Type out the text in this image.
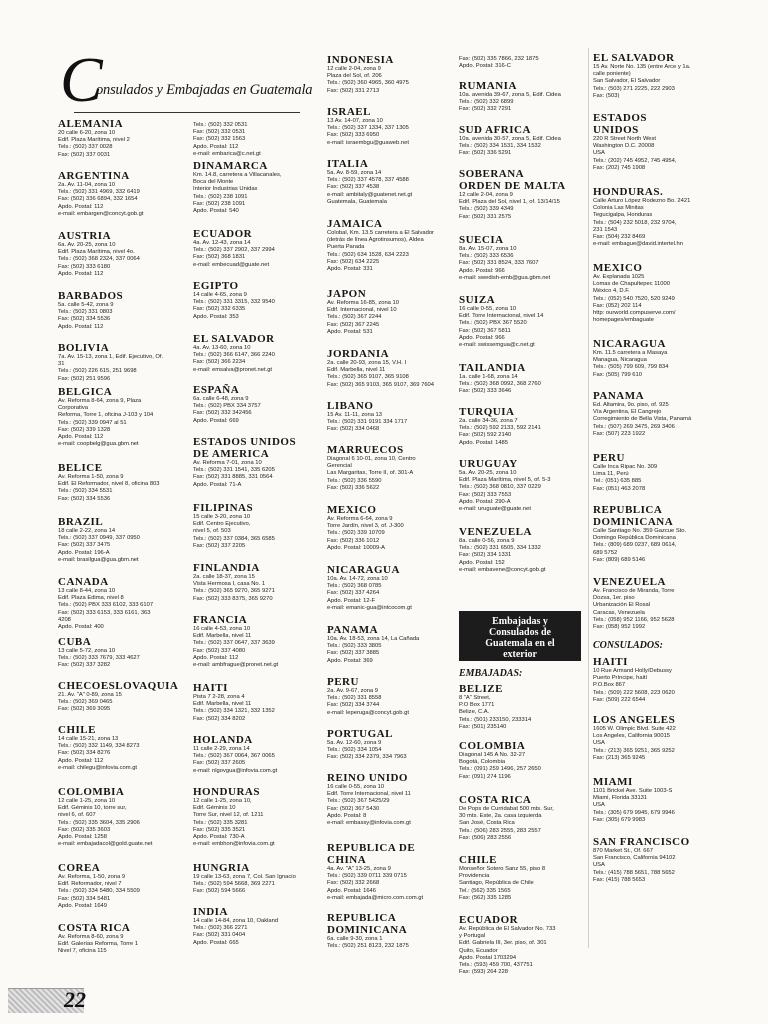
C
onsulados y Embajadas en Guatemala
ALEMANIA

20 calle 6-20, zona 10
Edif. Plaza Marítima, nivel 2
Tels.: (502) 337 0028
Fax: (502) 337 0031

ARGENTINA

2a. Av. 11-04, zona 10
Tels.: (502) 331 4969, 332 6419
Fax: (502) 336 6894, 332 1654
Apdo. Postal: 112
e-mail: embargen@concyt.gob.gt

AUSTRIA

6a. Av. 20-25, zona 10
Edif. Plaza Marítima, nivel 4o.
Tels.: (502) 368 2324, 337 0064
Fax: (502) 333 6180
Apdo. Postal: 112

BARBADOS

5a. calle 5-42, zona 9
Tels.: (502) 331 0803
Fax: (502) 334 5536
Apdo. Postal: 112

BOLIVIA

7a. Av. 15-13, zona 1, Edif. Ejecutivo, Of. 31
Tels.: (502) 226 615, 251 9698
Fax: (502) 251 9596

BELGICA

Av. Reforma 8-64, zona 9, Plaza
Corporativa
Reforma, Torre 1, oficina J-103 y 104
Tels.: (502) 339 0947 al 51
Fax: (502) 339 1328
Apdo. Postal: 112
e-mail: coopbelg@gua.gbm.net

BELICE

Av. Reforma 1-50, zona 9
Edif. El Reformador, nivel 8, oficina 803
Tels.: (502) 334 5531
Fax: (502) 334 5536

BRAZIL

18 calle 2-22, zona 14
Tels.: (502) 337 0949, 337 0950
Fax: (502) 337 3475
Apdo. Postal: 196-A
e-mail: brasilgua@gua.gbm.net

CANADA

13 calle 8-44, zona 10
Edif. Plaza Edima, nivel 8
Tels.: (502) PBX 333 6102, 333 6107
Fax: (502) 333 6153, 333 6161, 363 4208
Apdo. Postal: 400

CUBA

13 calle 5-72, zona 10
Tels.: (502) 333 7679, 333 4627
Fax: (502) 337 3282

CHECOESLOVAQUIA

21. Av. "A" 0-89, zona 15
Tels.: (502) 369 0465
Fax: (502) 369 3095

CHILE

14 calle 15-21, zona 13
Tels.: (502) 332 1149, 334 8273
Fax: (502) 334 8276
Apdo. Postal: 112
e-mail: chilegu@infovia.com.gt

COLOMBIA

12 calle 1-25, zona 10
Edif. Géminis 10, torre sur,
nivel 6, of. 607
Tels.: (502) 335 3604, 335 2906
Fax: (502) 335 3603
Apdo. Postal: 1258
e-mail: embajadacol@gold.guate.net

COREA

Av. Reforma, 1-50, zona 9
Edif. Reformador, nivel 7
Tels.: (502) 334 5480, 334 5509
Fax: (502) 334 5481
Apdo. Postal: 1649

COSTA RICA

Av. Reforma 8-60, zona 9
Edif. Galerías Reforma, Torre 1
Nivel 7, oficina 115

Tels.: (502) 332 0531
Fax: (502) 332 0531
Fax: (502) 332 1563
Apdo. Postal: 112
e-mail: embarica@c.net.gt

DINAMARCA

Km. 14.8, carretera a Villacanales,
Boca del Monte
Interior Industrias Unidas
Tels.: (502) 238 1091
Fax: (502) 238 1091
Apdo. Postal: 540

ECUADOR

4a. Av. 12-43, zona 14
Tels.: (502) 337 2902, 337 2994
Fax: (502) 368 1831
e-mail: embecuad@guate.net

EGIPTO

14 calle 4-65, zona 9
Tels.: (502) 331 3315, 332 9540
Fax: (502) 332 6335
Apdo. Postal: 353

EL SALVADOR

4a. Av. 13-60, zona 10
Tels.: (502) 366 6147, 366 2240
Fax: (502) 366 2234
e-mail: emsalva@pronet.net.gt

ESPAÑA

6a. calle 6-48, zona 9
Tels.: (502) PBX 334 3757
Fax: (502) 332 342456
Apdo. Postal: 669

ESTADOS UNIDOS
DE AMERICA

Av. Reforma 7-01, zona 10
Tels.: (502) 331 1541, 335 6205
Fax: (502) 331 8885, 331 0564
Apdo. Postal: 71-A

FILIPINAS

15 calle 3-20, zona 10
Edif. Centro Ejecutivo,
nivel 5, of. 503
Tels.: (502) 337 0384, 365 6585
Fax: (502) 337 2205

FINLANDIA

2a. calle 18-37, zona 15
Vista Hermosa I, casa No. 1
Tels.: (502) 365 9270, 365 9271
Fax: (502) 333 8375, 365 9270

FRANCIA

16 calle 4-53, zona 10
Edif. Marbella, nivel 11
Tels.: (502) 337 0647, 337 3639
Fax: (502) 337 4080
Apdo. Postal: 112
e-mail: ambfrague@pronet.net.gt

HAITI

Pista 7 2-28, zona 4
Edif. Marbella, nivel 11
Tels.: (502) 334 1321, 332 1352
Fax: (502) 334 8202

HOLANDA

11 calle 2-29, zona 14
Tels.: (502) 367 0064, 367 0065
Fax: (502) 337 2605
e-mail: nlgovgua@infovia.com.gt

HONDURAS

12 calle 1-25, zona 10,
Edif. Géminis 10
Torre Sur, nivel 12, of. 1211
Tels.: (502) 335 3281
Fax: (502) 335 3521
Apdo. Postal: 730-A
e-mail: embhon@infovia.com.gt

HUNGRIA

19 calle 13-63, zona 7, Col. San Ignacio
Tels.: (502) 594 5668, 369 2271
Fax: (502) 594 5666

INDIA

14 calle 14-84, zona 10, Oakland
Tels.: (502) 366 2271
Fax: (502) 331 0404
Apdo. Postal: 665

INDONESIA

12 calle 2-04, zona 9
Plaza del Sol, of. 206
Tels.: (502) 360 4965, 360 4975
Fax: (502) 331 2713

ISRAEL

13 Av. 14-07, zona 10
Tels.: (502) 337 1334, 337 1305
Fax: (502) 333 6950
e-mail: israembgu@guaweb.net

ITALIA

5a. Av. 8-59, zona 14
Tels.: (502) 337 4578, 337 4588
Fax: (502) 337 4538
e-mail: ambitaly@guatenet.net.gt
Guatemala, Guatemala

JAMAICA

Colobal, Km. 13.5 carretera a El Salvador
(detrás de línea Agrotinsumos), Aldea
Puerta Parada
Tels.: (502) 634 1528, 634 2223
Fax: (502) 634 2225
Apdo. Postal: 331

JAPON

Av. Reforma 16-85, zona 10
Edif. Internacional, nivel 10
Tels.: (502) 367 2244
Fax: (502) 367 2245
Apdo. Postal: 531

JORDANIA

2a. calle 20-93, zona 15, V.H. I
Edif. Marbella, nivel 11
Tels.: (502) 365 9107, 365 9108
Fax: (502) 365 9103, 365 9107, 369 7604

LIBANO

15 Av. 11-11, zona 13
Tels.: (502) 331 9191 334 1717
Fax: (502) 334 0468

MARRUECOS

Diagonal 6 10-01, zona 10, Centro
Gerencial
Las Margaritas, Torre II, of. 301-A
Tels.: (502) 336 5590
Fax: (502) 336 5622

MEXICO

Av. Reforma 6-64, zona 9
Torre Jardín, nivel 3, of. J-300
Tels.: (502) 339 10709
Fax: (502) 336 1012
Apdo. Postal: 10009-A

NICARAGUA

10a. Av. 14-72, zona 10
Tels.: (502) 368 0785
Fax: (502) 337 4264
Apdo. Postal: 12-F
e-mail: emanic-gua@intcocom.gt

PANAMA

10a. Av. 18-53, zona 14, La Cañada
Tels.: (502) 333 3805
Fax: (502) 337 3885
Apdo. Postal: 369

PERU

2a. Av. 9-67, zona 9
Tels.: (502) 331 8558
Fax: (502) 334 3744
e-mail: leperuga@concyt.gob.gt

PORTUGAL

5a. Av. 12-60, zona 9
Tels.: (502) 334 1054
Fax: (502) 334 2379, 334 7963

REINO UNIDO

16 calle 0-55, zona 10
Edif. Torre Internacional, nivel 11
Tels.: (502) 367 5425/29
Fax: (502) 367 5430
Apdo. Postal: 8
e-mail: embassy@infovia.com.gt

REPUBLICA DE
CHINA

4a. Av. "A" 13-25, zona 9
Tels.: (502) 339 0711 339 0715
Fax: (502) 332 2668
Apdo. Postal: 1646
e-mail: embajada@micro.com.com.gt

REPUBLICA
DOMINICANA

6a. calle 9-30, zona 1
Tels.: (502) 251 8123, 232 1875

Fax: (502) 335 7866, 232 1875
Apdo. Postal: 316-C

RUMANIA

10a. avenida 39-67, zona 5, Edif. Cidea
Tels.: (502) 332 6899
Fax: (502) 332 7291

SUD AFRICA

10a. avenida 30-57, zona 5, Edif. Cidea
Tels.: (502) 334 1531, 334 1532
Fax: (502) 336 5291

SOBERANA
ORDEN DE MALTA

12 calle 2-04, zona 9
Edif. Plaza del Sol, nivel 1, of. 13/14/15
Tels.: (502) 339 4349
Fax: (502) 331 2575

SUECIA

8a. Av. 15-07, zona 10
Tels.: (502) 333 6536
Fax: (502) 331 8524, 333 7607
Apdo. Postal: 966
e-mail: swedish-emb@gua.gbm.net

SUIZA

16 calle 0-55, zona 10
Edif. Torre Internacional, nivel 14
Tels.: (502) PBX 367 5520
Fax: (502) 367 5811
Apdo. Postal: 966
e-mail: swissemgua@c.net.gt

TAILANDIA

1a. calle 1-68, zona 14
Tels.: (502) 368 0992, 368 2760
Fax: (502) 333 3646

TURQUIA

2a. calle 34-36, zona 7
Tels.: (502) 592 2133, 592 2141
Fax: (502) 592 2140
Apdo. Postal: 1485

URUGUAY

5a. Av. 20-25, zona 10
Edif. Plaza Marítima, nivel 5, of. 5-3
Tels.: (502) 368 0810, 337 0229
Fax: (502) 333 7553
Apdo. Postal: 290-A
e-mail: uruguate@guate.net

VENEZUELA

8a. calle 0-56, zona 9
Tels.: (502) 331 6505, 334 1332
Fax: (502) 334 1331
Apdo. Postal: 152
e-mail: embavene@concyt.gob.gt

BELIZE

8 "A" Street,
P.O Box 1771
Belize, C.A.
Tels.: (501) 233150, 233314
Fax: (501) 235140

COLOMBIA

Diagonal 145 A No. 32-27
Bogotá, Colombia
Tels.: (091) 259 1496, 257 2650
Fax: (091) 274 1196

COSTA RICA

De Pops de Curridabat 500 mts. Sur,
30 mts. Este, 2a. casa izquierda
San José, Costa Rica
Tels.: (506) 283 2555, 283 2557
Fax: (506) 283 2556

CHILE

Monseñor Sotero Sanz 55, piso 8
Providencia
Santiago, República de Chile
Tel.: (562) 335 1565
Fax: (562) 335 1285

ECUADOR

Av. República de El Salvador No. 733
y Portugal
Edif. Gabriela III, 3er. piso, of. 301
Quito, Ecuador
Apdo. Postal 1703294
Tels.: (593) 459 700, 437751
Fax: (593) 264 228

EL SALVADOR

15 Av. Norte No. 135 (entre Arce y 1a.
calle poniente)
San Salvador, El Salvador
Tels.: (503) 271 2225, 222 2903
Fax: (503)

ESTADOS
UNIDOS

220 R Street North West
Washington D.C. 20008
USA
Tels.: (202) 745 4952, 745 4954,
Fax: (202) 745 1908

HONDURAS.

Calle Arturo López Rodezno Bo. 2421
Colonia Las Minitas
Tegucigalpa, Honduras
Tels.: (504) 232 5018, 232 9704,
231 1543
Fax: (504) 232 8469
e-mail: embague@david.intertel.hn

MEXICO

Av. Explanada 1025
Lomas de Chapultepec 11000
México 4, D.F.
Tels.: (052) 540 7520, 520 9249
Fax: (052) 202 114
http: ourworld.compuserve.com/
homepages/embaguate

NICARAGUA

Km. 11.5 carretera a Masaya
Managua, Nicaragua
Tels.: (505) 799 609, 799 834
Fax: (505) 799 610

PANAMA

Ed. Altamira, 9o. piso, of. 925
Vía Argentina, El Cangrejo
Corregimiento de Bella Vista, Panamá
Tels.: (507) 269 3475, 269 3406
Fax: (507) 223 1922

PERU

Calle Inca Ripac No. 309
Lima 11, Perú
Tel.: (051) 635 885
Fax: (051) 463 2078

REPUBLICA
DOMINICANA

Calle Santiago No. 359 Gazcue Sto.
Domingo República Dominicana
Tels.: (809) 689 0237, 689 0614,
689 5752
Fax: (809) 689 5146

VENEZUELA

Av. Francisco de Miranda, Torre
Dozsa, 1er. piso
Urbanización El Rosal
Caracas, Venezuela
Tels.: (058) 952 1166, 952 5628
Fax: (058) 952 1992

HAITI

10 Rue Armand Holly/Debussy
Puerto Príncipe, haití
P.O.Box 867
Tels.: (509) 222 5608, 223 0620
Fax: (509) 222 6544

LOS ANGELES

1605 W. Olimpic Blvd. Suite 422
Los Angeles, California 90015
USA
Tels.: (213) 365 9251, 365 9252
Fax: (213) 365 9245

MIAMI

1101 Brickel Ave. Suite 1003-S
Miami, Florida 33131
USA
Tels.: (305) 679 9945, 679 9946
Fax: (305) 679 9983

SAN FRANCISCO

870 Market St., Of. 667
San Francisco, California 94102
USA
Tels.: (415) 788 5651, 788 5652
Fax: (415) 788 5653

Embajadas y
Consulados de
Guatemala en el
exterior
EMBAJADAS:
CONSULADOS:
22
